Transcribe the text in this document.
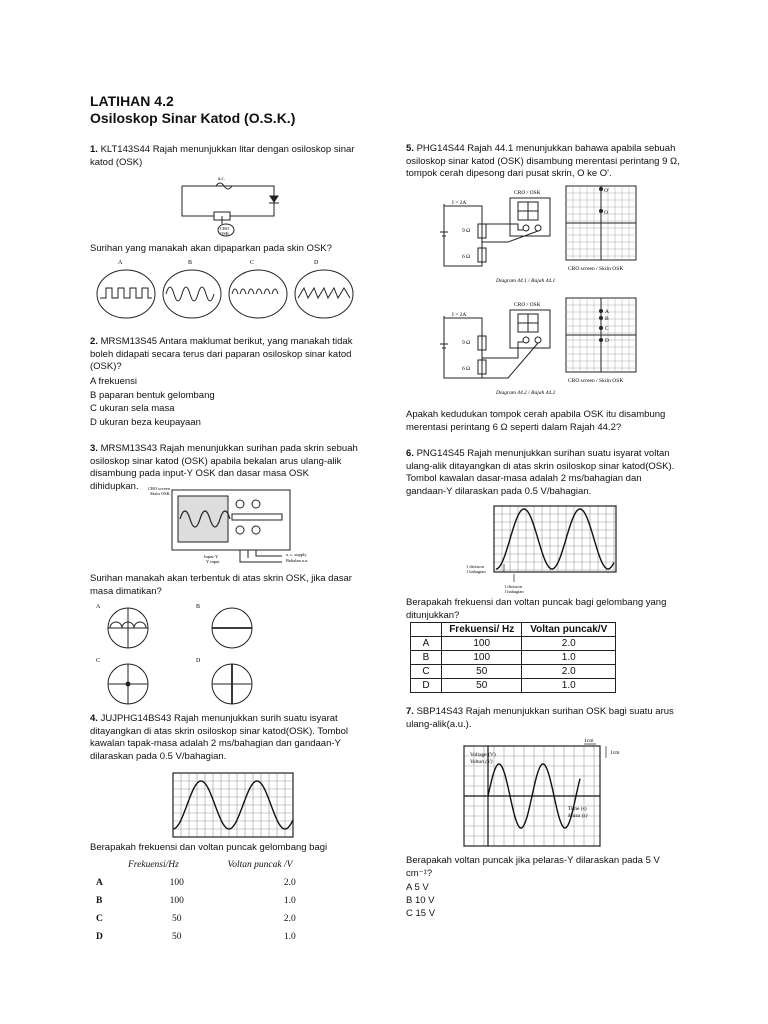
LATIHAN 4.2
Osiloskop Sinar Katod (O.S.K.)
1. KLT143S44 Rajah menunjukkan litar dengan osiloskop sinar katod (OSK)
a.c.
CRO
OSK
Surihan yang manakah akan dipaparkan pada skin OSK?
A	B	C	D
2. MRSM13S45 Antara maklumat berikut, yang manakah tidak boleh didapati secara terus dari paparan osiloskop sinar katod (OSK)?
A frekuensi
B paparan bentuk gelombang
C ukuran sela masa
D ukuran beza keupayaan
3. MRSM13S43 Rajah menunjukkan surihan pada skrin sebuah osiloskop sinar katod (OSK) apabila bekalan arus ulang-alik disambung pada input-Y OSK dan dasar masa OSK dihidupkan.	CRO screen
Skrin OSK
Input-Y
Y input
a. c. supply
Bekalan a.u.
Surihan manakah akan terbentuk di atas skrin OSK, jika dasar masa dimatikan?
A	B
C	D
4. JUJPHG14BS43 Rajah menunjukkan surih suatu isyarat ditayangkan di atas skrin osiloskop sinar katod(OSK). Tombol kawalan tapak-masa adalah 2 ms/bahagian dan gandaan-Y dilaraskan pada 0.5 V/bahagian.
Berapakah frekuensi dan voltan puncak gelombang bagi
	Frekuensi/Hz	Voltan puncak /V
A	100	2.0
B	100	1.0
C	50	2.0
D	50	1.0
5. PHG14S44 Rajah 44.1 menunjukkan bahawa apabila sebuah osiloskop sinar katod (OSK) disambung merentasi perintang 9 Ω, tompok cerah dipesong dari pusat skrin, O ke O'.
I = 2A
CRO / OSK
9 Ω
6 Ω
O'
O
CRO screen / Skrin OSK
Diagram 44.1 / Rajah 44.1
I = 2A
CRO / OSK
9 Ω
6 Ω
A
B
C
D
CRO screen / Skrin OSK
Diagram 44.2 / Rajah 44.2
Apakah kedudukan tompok cerah apabila OSK itu disambung merentasi perintang 6 Ω seperti dalam Rajah 44.2?
6. PNG14S45 Rajah menunjukkan surihan suatu isyarat voltan ulang-alik ditayangkan di atas skrin osiloskop sinar katod(OSK). Tombol kawalan dasar-masa adalah 2 ms/bahagian dan gandaan-Y dilaraskan pada 0.5 V/bahagian.
1 division
1 bahagian
1 division
1 bahagian
Berapakah frekuensi dan voltan puncak bagi gelombang yang ditunjukkan?
	Frekuensi/ Hz	Voltan puncak/V
A	100	2.0
B	100	1.0
C	50	2.0
D	50	1.0
7. SBP14S43 Rajah menunjukkan surihan OSK bagi suatu arus ulang-alik(a.u.).
1cm
1cm
Voltage (V)
Voltan (V)
Time (s)
Masa (s)
Berapakah voltan puncak jika pelaras-Y dilaraskan pada 5 V cm⁻¹?
A 5 V
B 10 V
C 15 V
